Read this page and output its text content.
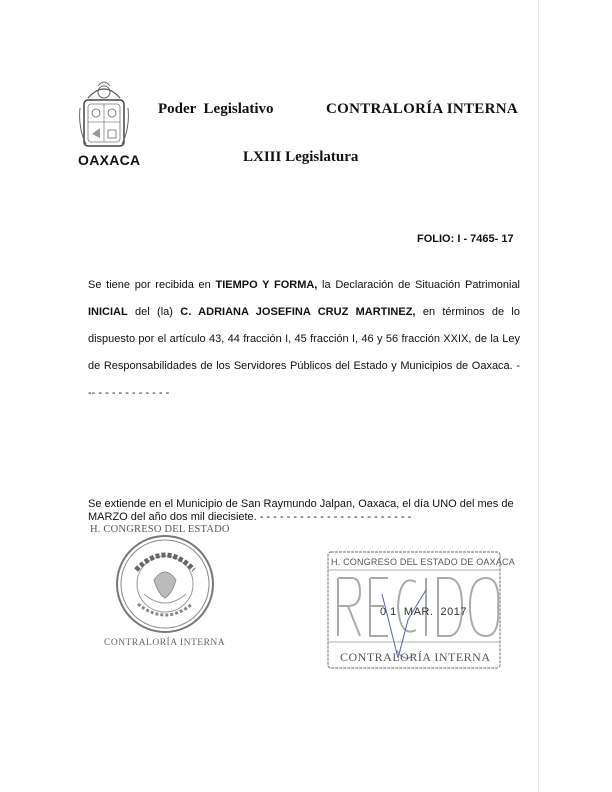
OAXACA
Poder  Legislativo	CONTRALORÍA INTERNA
LXIII Legislatura
FOLIO: I - 7465- 17
Se tiene por recibida en TIEMPO Y FORMA, la Declaración de Situación Patrimonial INICIAL del (la) C. ADRIANA JOSEFINA CRUZ MARTINEZ, en términos de lo dispuesto por el artículo 43, 44 fracción I, 45 fracción I, 46 y 56 fracción XXIX, de la Ley de Responsabilidades de los Servidores Públicos del Estado y Municipios de Oaxaca. - -- - - - - - - - - - - -
Se extiende en el Municipio de San Raymundo Jalpan, Oaxaca, el día UNO del mes de MARZO del año dos mil diecisiete. - - - - - - - - - - - - - - - - - - - - - - -
H. CONGRESO DEL ESTADO
CONTRALORÍA INTERNA
H. CONGRESO DEL ESTADO DE OAXACA
0 1  MAR.  2017
CONTRALORÍA INTERNA
